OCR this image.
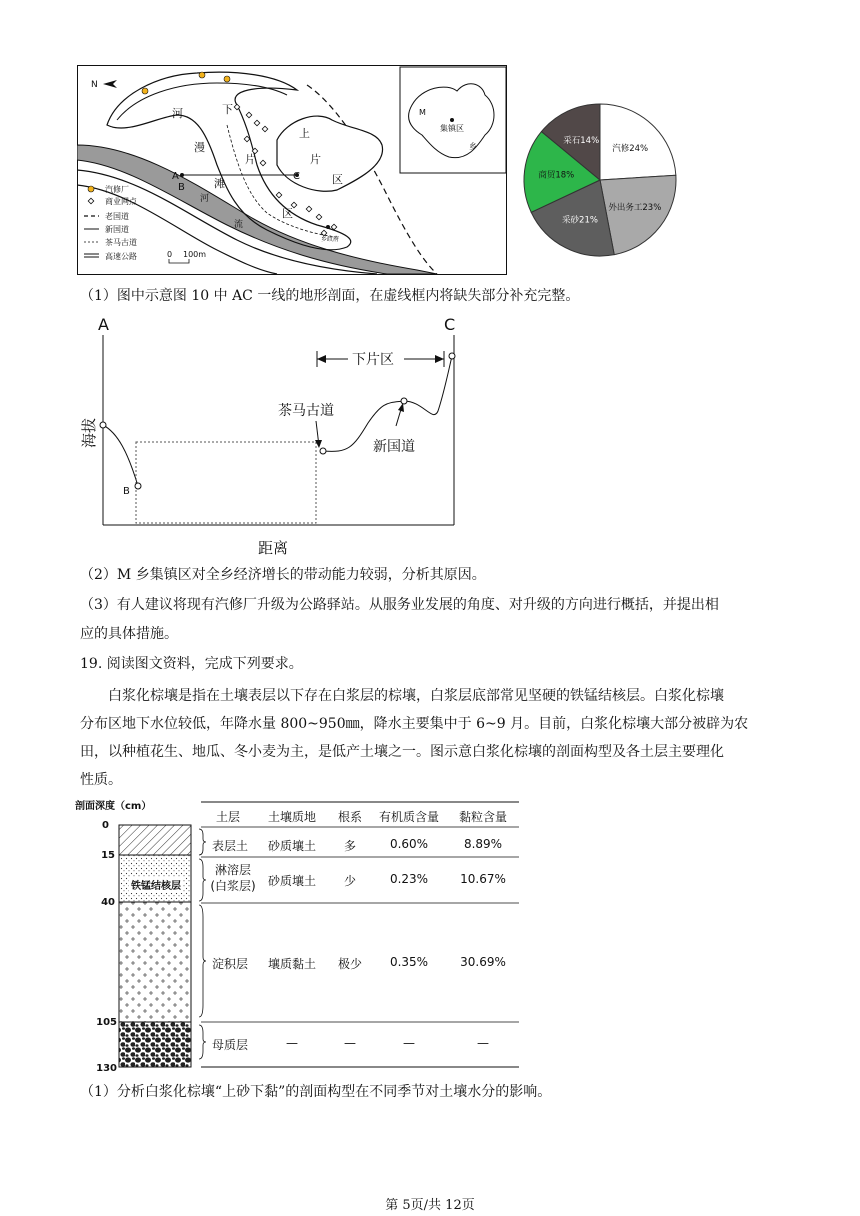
N
河
漫
滩
下
片
区
上
片
区
河
流
A
B
C
乡政府
汽修厂
商业网点
老国道
新国道
茶马古道
高速公路	0 100m
M
集镇区
乡	汽修24%
外出务工23%
采砂21%
商贸18%
采石14%
（1）图中示意图 10 中 AC 一线的地形剖面，在虚线框内将缺失部分补充完整。
A	C
B
下片区
茶马古道
新国道
距离
海拔
（2）M 乡集镇区对全乡经济增长的带动能力较弱，分析其原因。
（3）有人建议将现有汽修厂升级为公路驿站。从服务业发展的角度、对升级的方向进行概括，并提出相
应的具体措施。
19. 阅读图文资料，完成下列要求。
白浆化棕壤是指在土壤表层以下存在白浆层的棕壤，白浆层底部常见坚硬的铁锰结核层。白浆化棕壤
分布区地下水位较低，年降水量 800~950㎜，降水主要集中于 6~9 月。目前，白浆化棕壤大部分被辟为农
田，以种植花生、地瓜、冬小麦为主，是低产土壤之一。图示意白浆化棕壤的剖面构型及各土层主要理化
性质。
剖面深度（cm）
铁锰结核层
0
15
40
105
130
土层	土壤质地	根系	有机质含量	黏粒含量
表层土	砂质壤土	多	0.60%	8.89%
淋溶层
(白浆层)	砂质壤土	少	0.23%	10.67%
淀积层	壤质黏土	极少	0.35%	30.69%
母质层	—	—	—	—
（1）分析白浆化棕壤“上砂下黏”的剖面构型在不同季节对土壤水分的影响。
第 5页/共 12页
